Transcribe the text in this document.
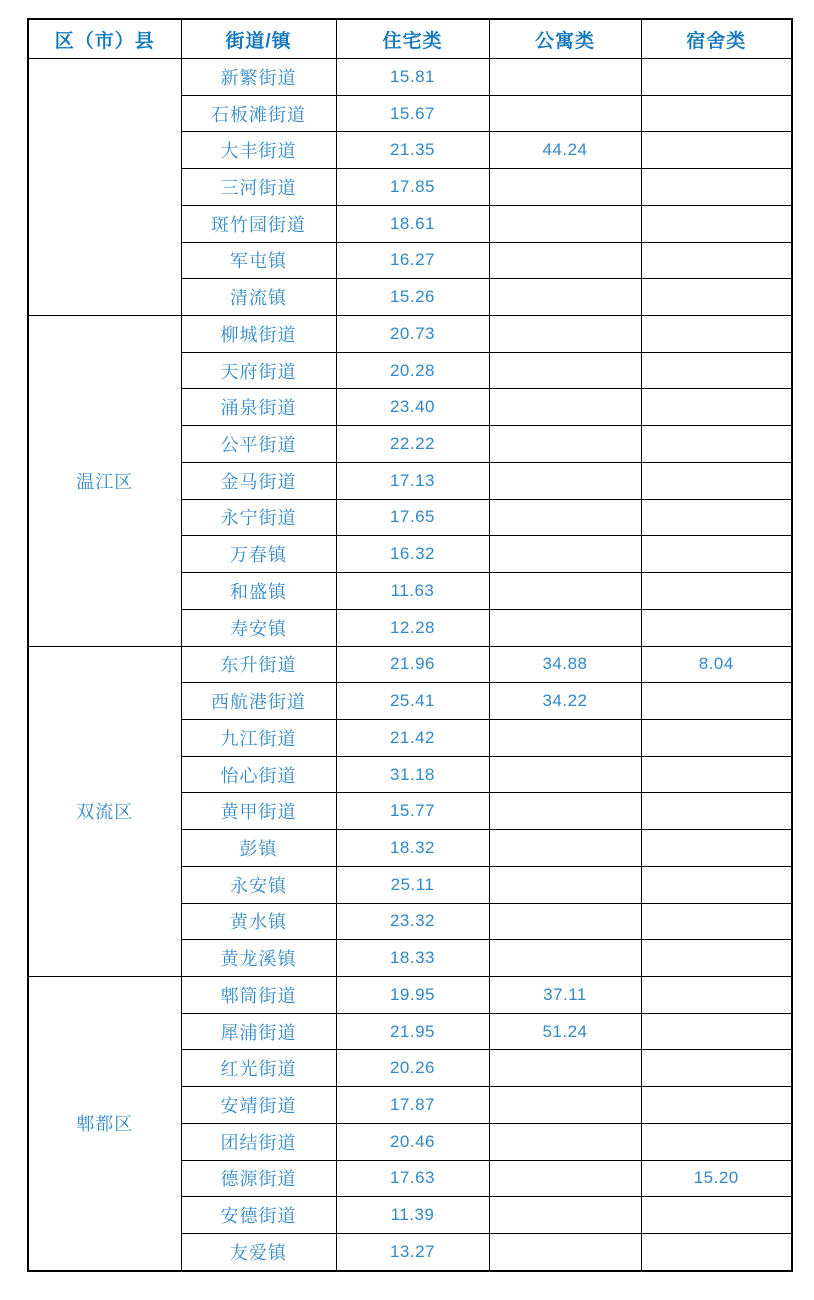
区（市）县	街道/镇	住宅类	公寓类	宿舍类
	新繁街道	15.81		
	石板滩街道	15.67		
	大丰街道	21.35	44.24	
	三河街道	17.85		
	斑竹园街道	18.61		
	军屯镇	16.27		
	清流镇	15.26		
温江区	柳城街道	20.73		
	天府街道	20.28		
	涌泉街道	23.40		
	公平街道	22.22		
	金马街道	17.13		
	永宁街道	17.65		
	万春镇	16.32		
	和盛镇	11.63		
	寿安镇	12.28		
双流区	东升街道	21.96	34.88	8.04
	西航港街道	25.41	34.22	
	九江街道	21.42		
	怡心街道	31.18		
	黄甲街道	15.77		
	彭镇	18.32		
	永安镇	25.11		
	黄水镇	23.32		
	黄龙溪镇	18.33		
郫都区	郫筒街道	19.95	37.11	
	犀浦街道	21.95	51.24	
	红光街道	20.26		
	安靖街道	17.87		
	团结街道	20.46		
	德源街道	17.63		15.20
	安德街道	11.39		
	友爱镇	13.27		
